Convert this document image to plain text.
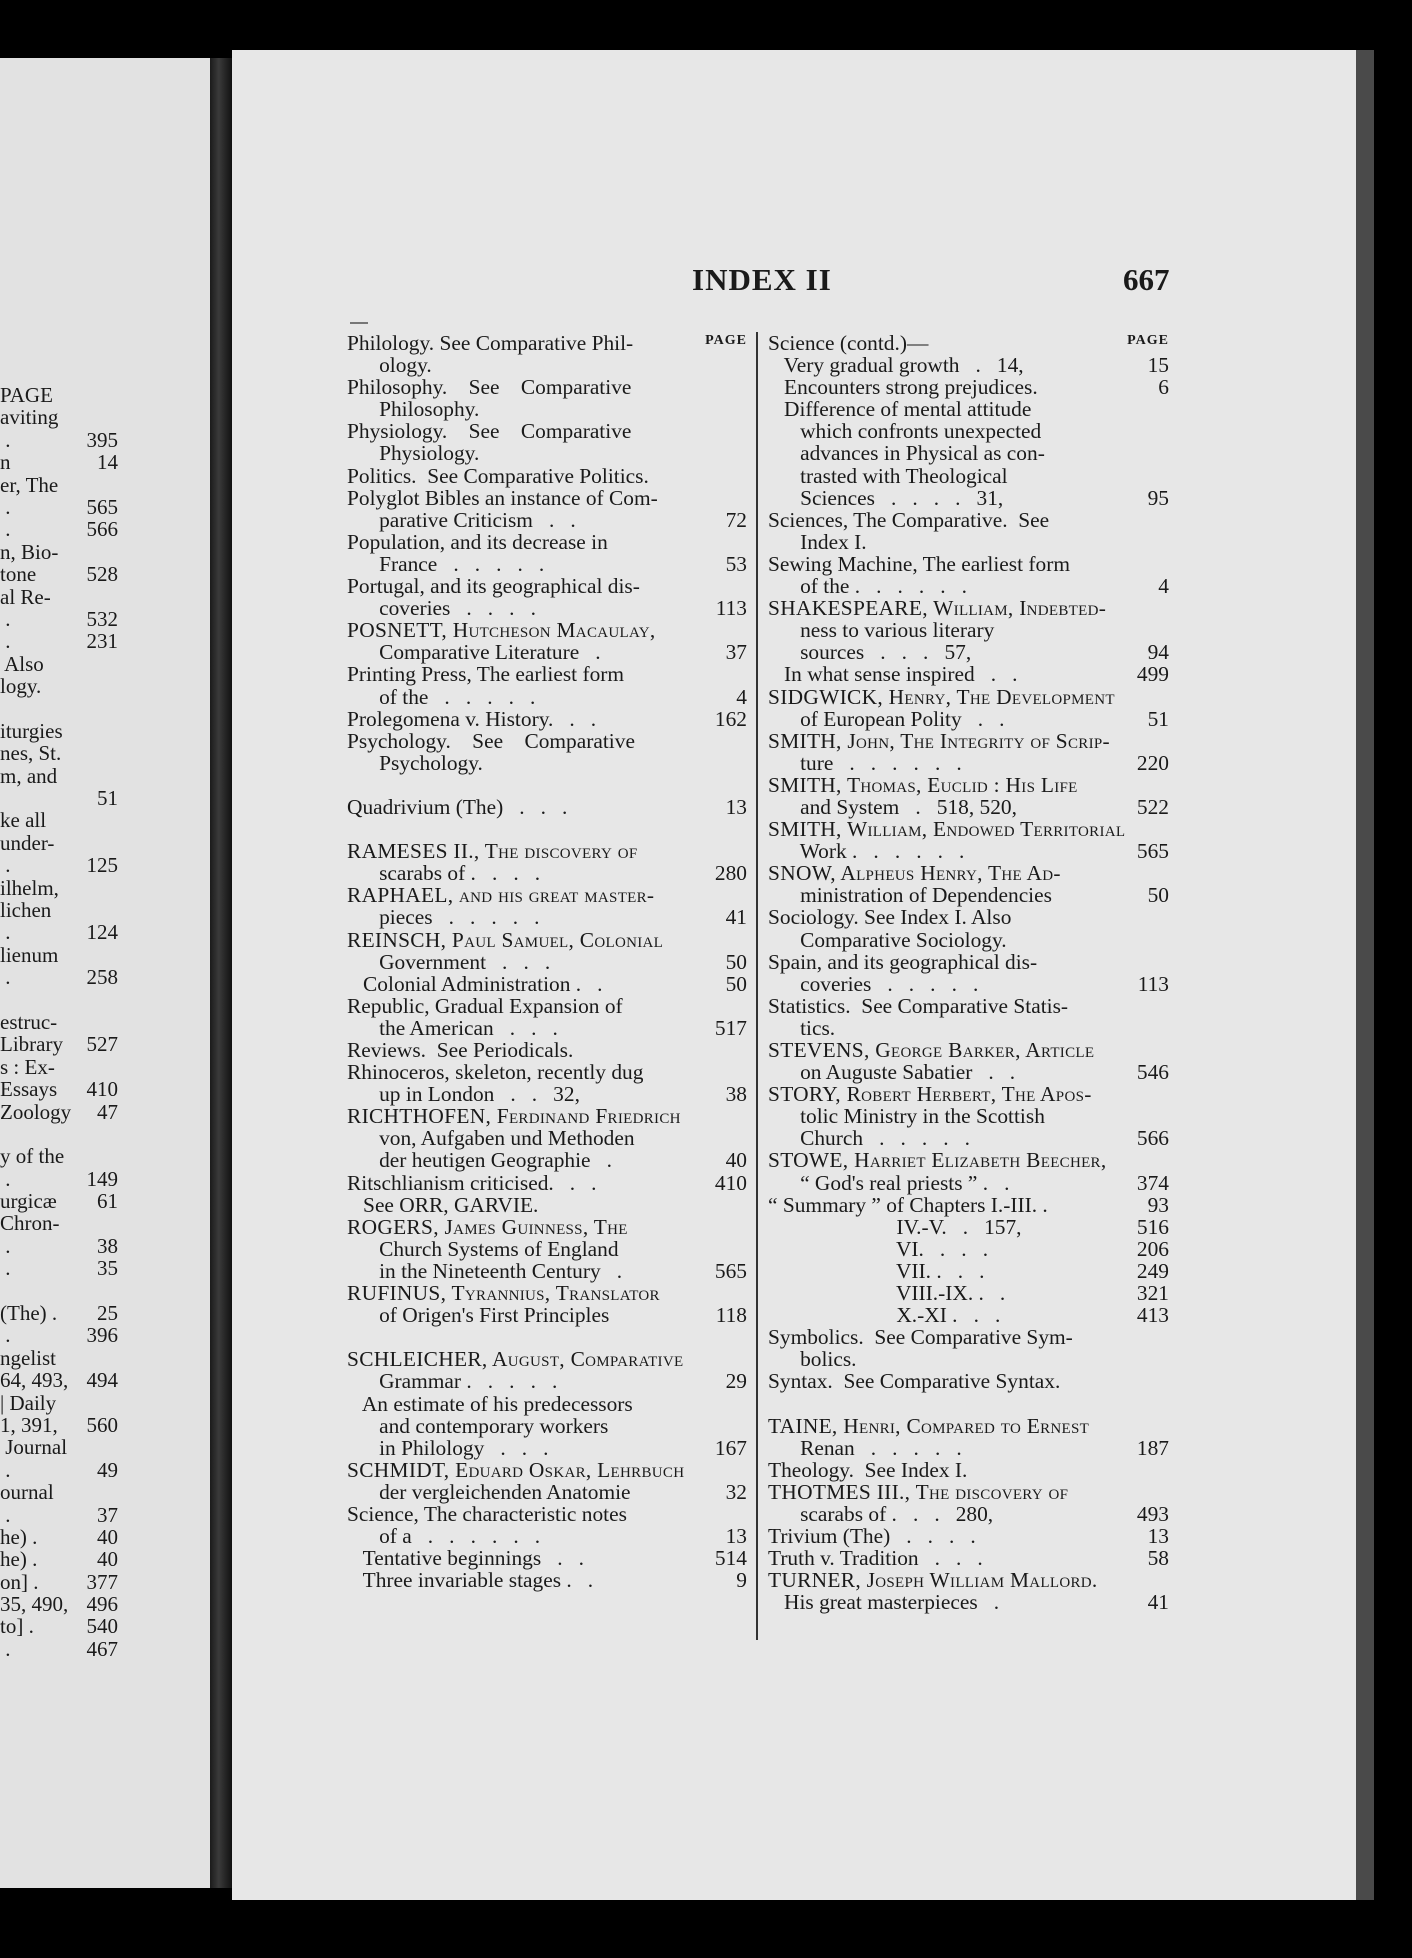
PAGE
aviting
.	395
n	14
er, The
.	565
.	566
n, Bio-
tone 528
al Re-
.	532
.	231
Also
logy.
iturgies
nes, St.
m, and
51
ke all
under-
.	125
ilhelm,
lichen
.	124
lienum
.	258
estruc-
Library 527
s : Ex-
Essays 410
Zoology 47
y of the
.	149
urgicæ 61
Chron-
.	38
.	35
(The) . 25
.	396
ngelist
64, 493, 494
| Daily
1, 391, 560
Journal
.	49
ournal
.	37
he) .	40
he) .	40
on] . 377
35, 490, 496
to] .	540
.	467
INDEX II	667
PAGE
Philology. See Comparative Phil-
ology.
Philosophy.    See    Comparative
Philosophy.
Physiology.    See    Comparative
Physiology.
Politics.  See Comparative Politics.
Polyglot Bibles an instance of Com-
parative Criticism   .   .	72
Population, and its decrease in
France   .   .   .   .   .	53
Portugal, and its geographical dis-
coveries   .   .   .   .	113
POSNETT, Hutcheson Macaulay,
Comparative Literature   .	37
Printing Press, The earliest form
of the   .   .   .   .   .	4
Prolegomena v. History.   .   .	162
Psychology.    See    Comparative
Psychology.
Quadrivium (The)   .   .   .	13
RAMESES II., The discovery of
scarabs of .   .   .   .	280
RAPHAEL, and his great master-
pieces   .   .   .   .   .	41
REINSCH, Paul Samuel, Colonial
Government   .   .   .	50
Colonial Administration .   .	50
Republic, Gradual Expansion of
the American   .   .   .	517
Reviews.  See Periodicals.
Rhinoceros, skeleton, recently dug
up in London   .   .   32,	38
RICHTHOFEN, Ferdinand Friedrich
von, Aufgaben und Methoden
der heutigen Geographie   .	40
Ritschlianism criticised.   .   .	410
See ORR, GARVIE.
ROGERS, James Guinness, The
Church Systems of England
in the Nineteenth Century   .	565
RUFINUS, Tyrannius, Translator
of Origen's First Principles	118
SCHLEICHER, August, Comparative
Grammar .   .   .   .   .	29
An estimate of his predecessors
and contemporary workers
in Philology   .   .   .	167
SCHMIDT, Eduard Oskar, Lehrbuch
der vergleichenden Anatomie	32
Science, The characteristic notes
of a   .   .   .   .   .   .	13
Tentative beginnings   .   .	514
Three invariable stages .   .	9
PAGE
Science (contd.)—
Very gradual growth   .   14,	15
Encounters strong prejudices.	6
Difference of mental attitude
which confronts unexpected
advances in Physical as con-
trasted with Theological
Sciences   .   .   .   .   31,	95
Sciences, The Comparative.  See
Index I.
Sewing Machine, The earliest form
of the .   .   .   .   .   .	4
SHAKESPEARE, William, Indebted-
ness to various literary
sources   .   .   .   57,	94
In what sense inspired   .   .	499
SIDGWICK, Henry, The Development
of European Polity   .   .	51
SMITH, John, The Integrity of Scrip-
ture   .   .   .   .   .   .	220
SMITH, Thomas, Euclid : His Life
and System   .   518, 520,	522
SMITH, William, Endowed Territorial
Work .   .   .   .   .   .	565
SNOW, Alpheus Henry, The Ad-
ministration of Dependencies	50
Sociology. See Index I. Also
Comparative Sociology.
Spain, and its geographical dis-
coveries   .   .   .   .   .	113
Statistics.  See Comparative Statis-
tics.
STEVENS, George Barker, Article
on Auguste Sabatier   .   .	546
STORY, Robert Herbert, The Apos-
tolic Ministry in the Scottish
Church   .   .   .   .   .	566
STOWE, Harriet Elizabeth Beecher,
“ God's real priests ” .   .	374
“ Summary ” of Chapters I.-III. .	93
IV.-V.   .   157,	516
VI.   .   .   .	206
VII. .   .   .	249
VIII.-IX. .   .	321
X.-XI .   .   .	413
Symbolics.  See Comparative Sym-
bolics.
Syntax.  See Comparative Syntax.
TAINE, Henri, Compared to Ernest
Renan   .   .   .   .   .	187
Theology.  See Index I.
THOTMES III., The discovery of
scarabs of .   .   .   280,	493
Trivium (The)   .   .   .   .	13
Truth v. Tradition   .   .   .	58
TURNER, Joseph William Mallord.
His great masterpieces   .	41
